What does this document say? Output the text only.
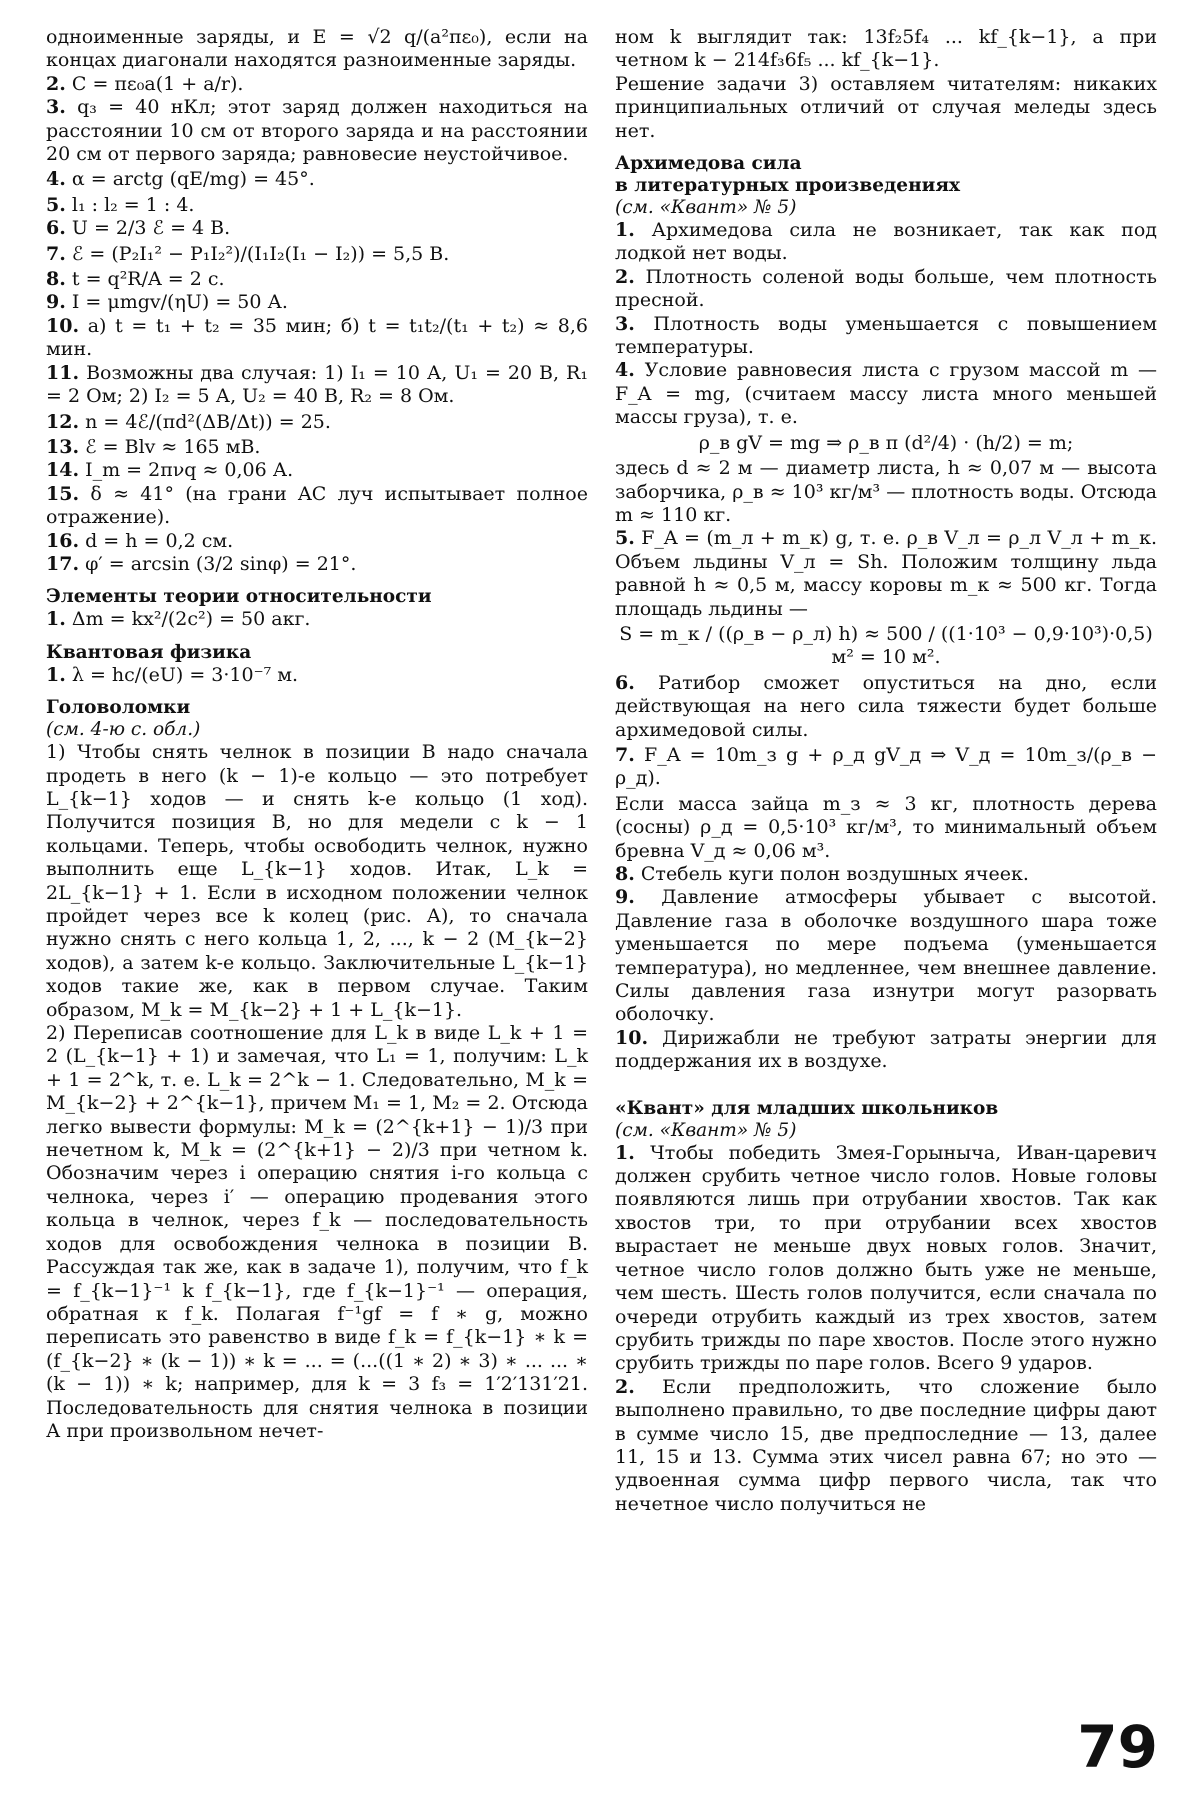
одноименные заряды, и E = √2 q/(a²πε₀), если на концах диагонали находятся разноименные заряды.

2. C = πε₀a(1 + a/r).

3. q₃ = 40 нКл; этот заряд должен находиться на расстоянии 10 см от второго заряда и на расстоянии 20 см от первого заряда; равновесие неустойчивое.

4. α = arctg (qE/mg) = 45°.

5. l₁ : l₂ = 1 : 4.

6. U = 2/3 ℰ = 4 В.

7. ℰ = (P₂I₁² − P₁I₂²)/(I₁I₂(I₁ − I₂)) = 5,5 В.

8. t = q²R/A = 2 с.

9. I = μmgv/(ηU) = 50 А.

10. а) t = t₁ + t₂ = 35 мин; б) t = t₁t₂/(t₁ + t₂) ≈ 8,6 мин.

11. Возможны два случая: 1) I₁ = 10 А, U₁ = 20 В, R₁ = 2 Ом; 2) I₂ = 5 А, U₂ = 40 В, R₂ = 8 Ом.

12. n = 4ℰ/(πd²(ΔB/Δt)) = 25.

13. ℰ = Blv ≈ 165 мВ.

14. I_m = 2πνq ≈ 0,06 А.

15. δ ≈ 41° (на грани AC луч испытывает полное отражение).

16. d = h = 0,2 см.

17. φ′ = arcsin (3/2 sinφ) = 21°.

Элементы теории относительности

1. Δm = kx²/(2c²) = 50 акг.

Квантовая физика

1. λ = hc/(eU) = 3·10⁻⁷ м.

Головоломки

(см. 4-ю с. обл.)

1) Чтобы снять челнок в позиции В надо сначала продеть в него (k − 1)-е кольцо — это потребует L_{k−1} ходов — и снять k-е кольцо (1 ход). Получится позиция В, но для медели с k − 1 кольцами. Теперь, чтобы освободить челнок, нужно выполнить еще L_{k−1} ходов. Итак, L_k = 2L_{k−1} + 1. Если в исходном положении челнок пройдет через все k колец (рис. А), то сначала нужно снять с него кольца 1, 2, ..., k − 2 (M_{k−2} ходов), а затем k-е кольцо. Заключительные L_{k−1} ходов такие же, как в первом случае. Таким образом, M_k = M_{k−2} + 1 + L_{k−1}.

2) Переписав соотношение для L_k в виде L_k + 1 = 2 (L_{k−1} + 1) и замечая, что L₁ = 1, получим: L_k + 1 = 2^k, т. е. L_k = 2^k − 1. Следовательно, M_k = M_{k−2} + 2^{k−1}, причем M₁ = 1, M₂ = 2. Отсюда легко вывести формулы: M_k = (2^{k+1} − 1)/3 при нечетном k, M_k = (2^{k+1} − 2)/3 при четном k. Обозначим через i операцию снятия i-го кольца с челнока, через i′ — операцию продевания этого кольца в челнок, через f_k — последовательность ходов для освобождения челнока в позиции В. Рассуждая так же, как в задаче 1), получим, что f_k = f_{k−1}⁻¹ k f_{k−1}, где f_{k−1}⁻¹ — операция, обратная к f_k. Полагая f⁻¹gf = f ∗ g, можно переписать это равенство в виде f_k = f_{k−1} ∗ k = (f_{k−2} ∗ (k − 1)) ∗ k = ... = (...((1 ∗ 2) ∗ 3) ∗ ... ... ∗ (k − 1)) ∗ k; например, для k = 3 f₃ = 1′2′131′21. Последовательность для снятия челнока в позиции А при произвольном нечет-

ном k выглядит так: 13f₂5f₄ ... kf_{k−1}, а при четном k − 214f₃6f₅ ... kf_{k−1}.

Решение задачи 3) оставляем читателям: никаких принципиальных отличий от случая меледы здесь нет.

Архимедова сила

в литературных произведениях

(см. «Квант» № 5)

1. Архимедова сила не возникает, так как под лодкой нет воды.

2. Плотность соленой воды больше, чем плотность пресной.

3. Плотность воды уменьшается с повышением температуры.

4. Условие равновесия листа с грузом массой m — F_A = mg, (считаем массу листа много меньшей массы груза), т. е.

ρ_в gV = mg ⇒ ρ_в π (d²/4) · (h/2) = m;

здесь d ≈ 2 м — диаметр листа, h ≈ 0,07 м — высота заборчика, ρ_в ≈ 10³ кг/м³ — плотность воды. Отсюда m ≈ 110 кг.

5. F_A = (m_л + m_к) g, т. е. ρ_в V_л = ρ_л V_л + m_к. Объем льдины V_л = Sh. Положим толщину льда равной h ≈ 0,5 м, массу коровы m_к ≈ 500 кг. Тогда площадь льдины —

S = m_к / ((ρ_в − ρ_л) h) ≈ 500 / ((1·10³ − 0,9·10³)·0,5) м² = 10 м².

6. Ратибор сможет опуститься на дно, если действующая на него сила тяжести будет больше архимедовой силы.

7. F_A = 10m_з g + ρ_д gV_д ⇒ V_д = 10m_з/(ρ_в − ρ_д).

Если масса зайца m_з ≈ 3 кг, плотность дерева (сосны) ρ_д = 0,5·10³ кг/м³, то минимальный объем бревна V_д ≈ 0,06 м³.

8. Стебель куги полон воздушных ячеек.

9. Давление атмосферы убывает с высотой. Давление газа в оболочке воздушного шара тоже уменьшается по мере подъема (уменьшается температура), но медленнее, чем внешнее давление. Силы давления газа изнутри могут разорвать оболочку.

10. Дирижабли не требуют затраты энергии для поддержания их в воздухе.

«Квант» для младших школьников

(см. «Квант» № 5)

1. Чтобы победить Змея-Горыныча, Иван-царевич должен срубить четное число голов. Новые головы появляются лишь при отрубании хвостов. Так как хвостов три, то при отрубании всех хвостов вырастает не меньше двух новых голов. Значит, четное число голов должно быть уже не меньше, чем шесть. Шесть голов получится, если сначала по очереди отрубить каждый из трех хвостов, затем срубить трижды по паре хвостов. После этого нужно срубить трижды по паре голов. Всего 9 ударов.

2. Если предположить, что сложение было выполнено правильно, то две последние цифры дают в сумме число 15, две предпоследние — 13, далее 11, 15 и 13. Сумма этих чисел равна 67; но это — удвоенная сумма цифр первого числа, так что нечетное число получиться не

79
